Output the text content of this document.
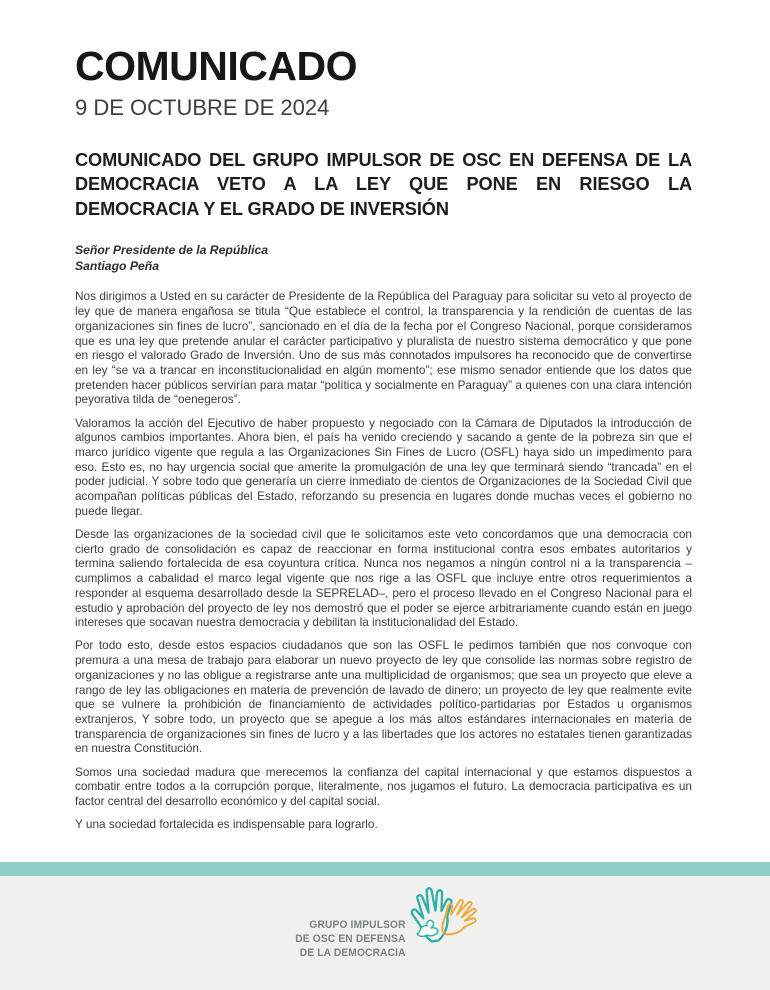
COMUNICADO
9 DE OCTUBRE DE 2024
COMUNICADO DEL GRUPO IMPULSOR DE OSC EN DEFENSA DE LA DEMOCRACIA VETO A LA LEY QUE PONE EN RIESGO LA DEMOCRACIA Y EL GRADO DE INVERSIÓN
Señor Presidente de la República
Santiago Peña

Nos dirigimos a Usted en su carácter de Presidente de la República del Paraguay para solicitar su veto al proyecto de ley que de manera engañosa se titula “Que establece el control, la transparencia y la rendición de cuentas de las organizaciones sin fines de lucro”, sancionado en el día de la fecha por el Congreso Nacional, porque consideramos que es una ley que pretende anular el carácter participativo y pluralista de nuestro sistema democrático y que pone en riesgo el valorado Grado de Inversión. Uno de sus más connotados impulsores ha reconocido que de convertirse en ley “se va a trancar en inconstitucionalidad en algún momento”; ese mismo senador entiende que los datos que pretenden hacer públicos servirían para matar “política y socialmente en Paraguay” a quienes con una clara intención peyorativa tilda de “oenegeros”.

Valoramos la acción del Ejecutivo de haber propuesto y negociado con la Cámara de Diputados la introducción de algunos cambios importantes. Ahora bien, el país ha venido creciendo y sacando a gente de la pobreza sin que el marco jurídico vigente que regula a las Organizaciones Sin Fines de Lucro (OSFL) haya sido un impedimento para eso. Esto es, no hay urgencia social que amerite la promulgación de una ley que terminará siendo “trancada” en el poder judicial. Y sobre todo que generaría un cierre inmediato de cientos de Organizaciones de la Sociedad Civil que acompañan políticas públicas del Estado, reforzando su presencia en lugares donde muchas veces el gobierno no puede llegar.

Desde las organizaciones de la sociedad civil que le solicitamos este veto concordamos que una democracia con cierto grado de consolidación es capaz de reaccionar en forma institucional contra esos embates autoritarios y termina saliendo fortalecida de esa coyuntura crítica. Nunca nos negamos a ningún control ni a la transparencia – cumplimos a cabalidad el marco legal vigente que nos rige a las OSFL que incluye entre otros requerimientos a responder al esquema desarrollado desde la SEPRELAD–, pero el proceso llevado en el Congreso Nacional para el estudio y aprobación del proyecto de ley nos demostró que el poder se ejerce arbitrariamente cuando están en juego intereses que socavan nuestra democracia y debilitan la institucionalidad del Estado.

Por todo esto, desde estos espacios ciudadanos que son las OSFL le pedimos también que nos convoque con premura a una mesa de trabajo para elaborar un nuevo proyecto de ley que consolide las normas sobre registro de organizaciones y no las obligue a registrarse ante una multiplicidad de organismos; que sea un proyecto que eleve a rango de ley las obligaciones en materia de prevención de lavado de dinero; un proyecto de ley que realmente evite que se vulnere la prohibición de financiamiento de actividades político-partidarias por Estados u organismos extranjeros, Y sobre todo, un proyecto que se apegue a los más altos estándares internacionales en materia de transparencia de organizaciones sin fines de lucro y a las libertades que los actores no estatales tienen garantizadas en nuestra Constitución.

Somos una sociedad madura que merecemos la confianza del capital internacional y que estamos dispuestos a combatir entre todos a la corrupción porque, literalmente, nos jugamos el futuro. La democracia participativa es un factor central del desarrollo económico y del capital social.

Y una sociedad fortalecida es indispensable para lograrlo.

GRUPO IMPULSOR
DE OSC EN DEFENSA
DE LA DEMOCRACIA
